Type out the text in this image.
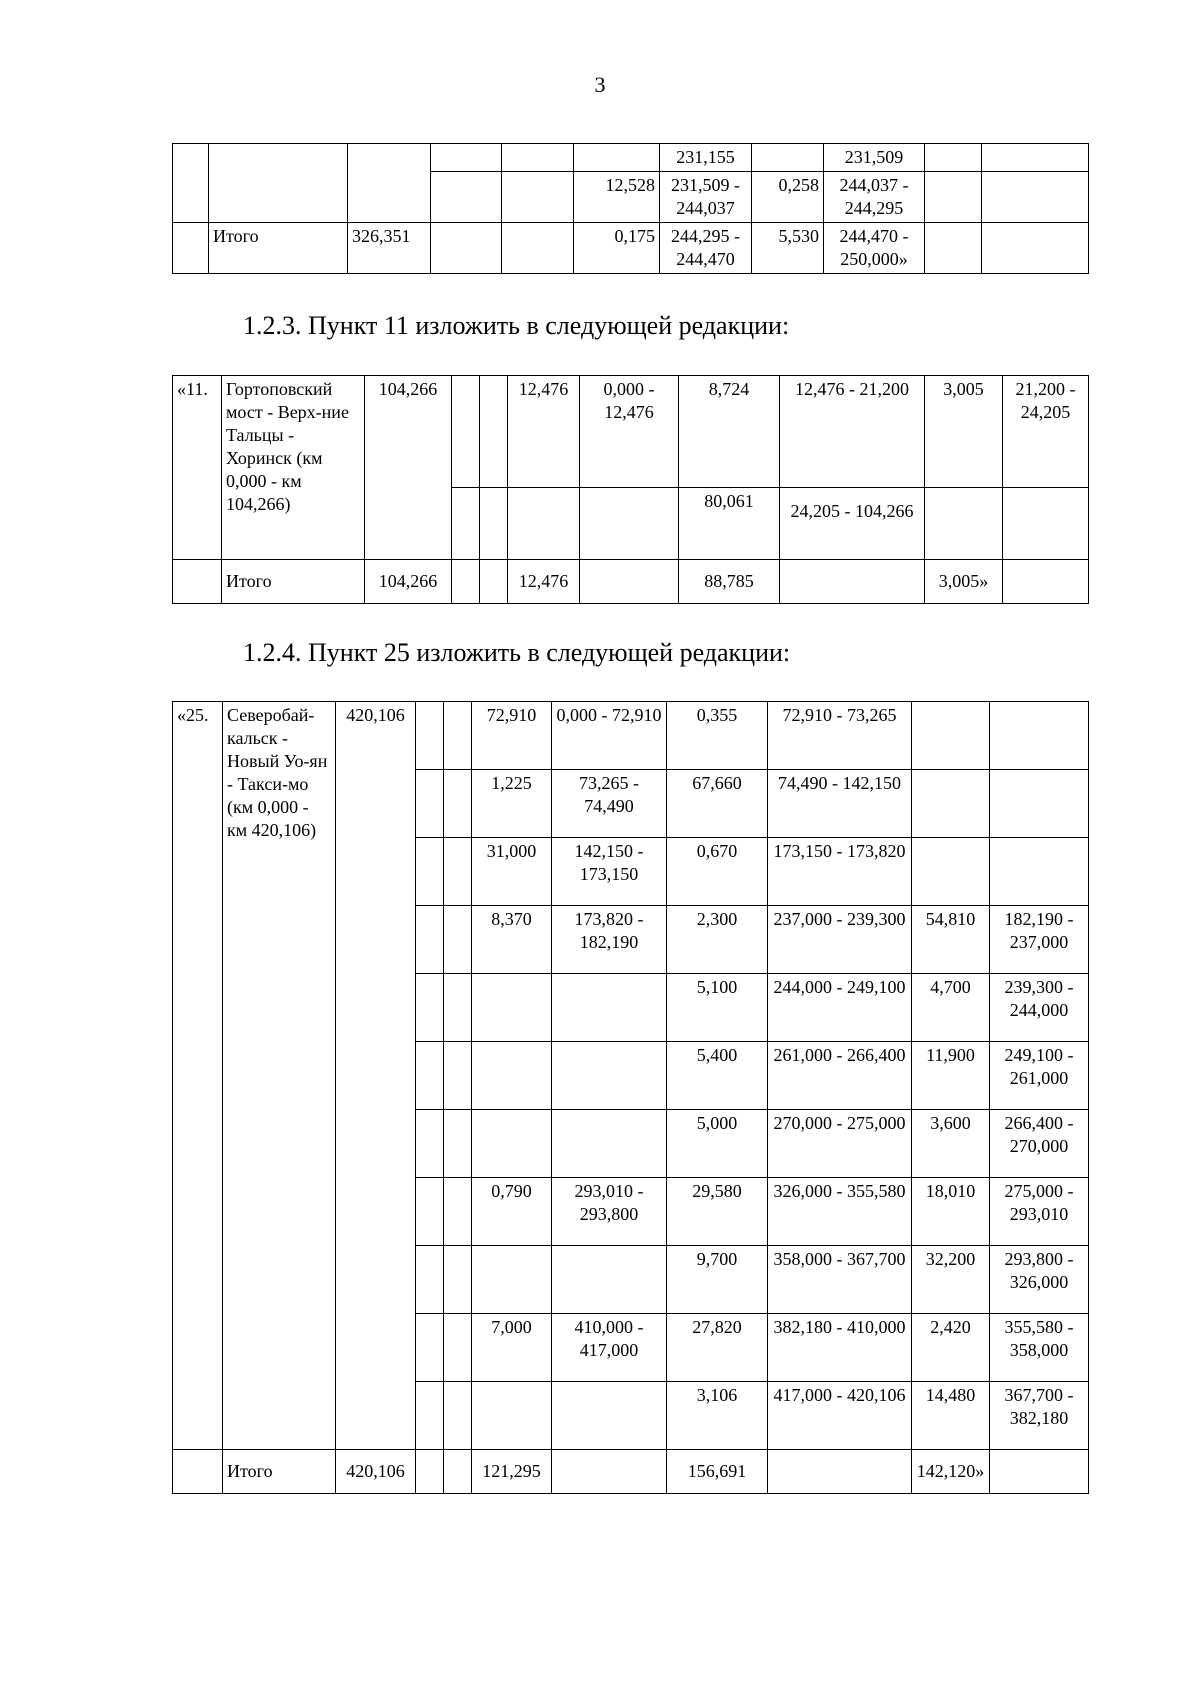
3
						231,155		231,509		
					12,528	231,509 - 244,037	0,258	244,037 - 244,295		
	Итого	326,351			0,175	244,295 - 244,470	5,530	244,470 - 250,000»		
1.2.3. Пункт 11 изложить в следующей редакции:
«11.	Гортоповский мост - Верх-ние Тальцы - Хоринск (км 0,000 - км 104,266)	104,266			12,476	0,000 - 12,476	8,724	12,476 - 21,200	3,005	21,200 - 24,205
							80,061	24,205 - 104,266		
	Итого	104,266			12,476		88,785		3,005»	
1.2.4. Пункт 25 изложить в следующей редакции:
«25.	Северобай-кальск - Новый Уо-ян - Такси-мо (км 0,000 - км 420,106)	420,106			72,910	0,000 - 72,910	0,355	72,910 - 73,265		
					1,225	73,265 - 74,490	67,660	74,490 - 142,150		
					31,000	142,150 - 173,150	0,670	173,150 - 173,820		
					8,370	173,820 - 182,190	2,300	237,000 - 239,300	54,810	182,190 - 237,000
							5,100	244,000 - 249,100	4,700	239,300 - 244,000
							5,400	261,000 - 266,400	11,900	249,100 - 261,000
							5,000	270,000 - 275,000	3,600	266,400 - 270,000
					0,790	293,010 - 293,800	29,580	326,000 - 355,580	18,010	275,000 - 293,010
							9,700	358,000 - 367,700	32,200	293,800 - 326,000
					7,000	410,000 - 417,000	27,820	382,180 - 410,000	2,420	355,580 - 358,000
							3,106	417,000 - 420,106	14,480	367,700 - 382,180
	Итого	420,106			121,295		156,691		142,120»	
